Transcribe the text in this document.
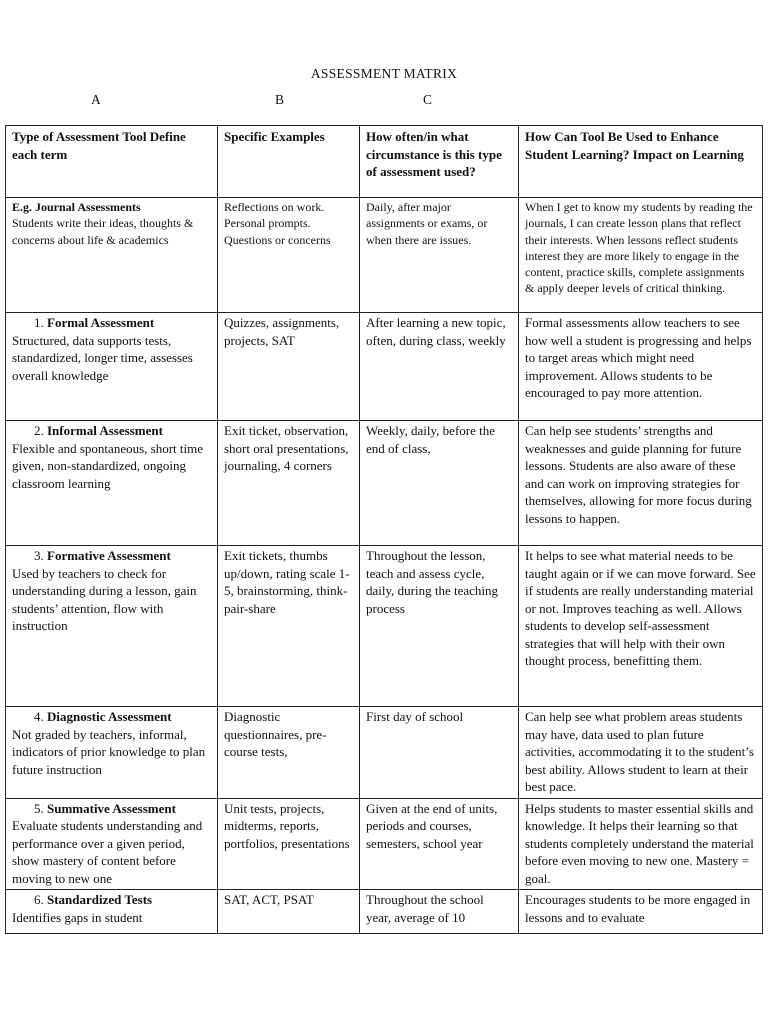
ASSESSMENT MATRIX
A	B	C
Type of Assessment Tool Define each term	Specific Examples	How often/in what circumstance is this type of assessment used?	How Can Tool Be Used to Enhance Student Learning? Impact on Learning

E.g. Journal Assessments
Students write their ideas, thoughts & concerns about life & academics	Reflections on work. Personal prompts. Questions or concerns	Daily, after major assignments or exams, or when there are issues.	When I get to know my students by reading the journals, I can create lesson plans that reflect their interests. When lessons reflect students interest they are more likely to engage in the content, practice skills, complete assignments & apply deeper levels of critical thinking.

1. Formal Assessment
Structured, data supports tests, standardized, longer time, assesses overall knowledge	Quizzes, assignments, projects, SAT	After learning a new topic, often, during class, weekly	Formal assessments allow teachers to see how well a student is progressing and helps to target areas which might need improvement. Allows students to be encouraged to pay more attention.

2. Informal Assessment
Flexible and spontaneous, short time given, non-standardized, ongoing classroom learning	Exit ticket, observation, short oral presentations, journaling, 4 corners	Weekly, daily, before the end of class,	Can help see students’ strengths and weaknesses and guide planning for future lessons. Students are also aware of these and can work on improving strategies for themselves, allowing for more focus during lessons to happen.

3. Formative Assessment
Used by teachers to check for understanding during a lesson, gain students’ attention, flow with instruction	Exit tickets, thumbs up/down, rating scale 1-5, brainstorming, think-pair-share	Throughout the lesson, teach and assess cycle, daily, during the teaching process	It helps to see what material needs to be taught again or if we can move forward. See if students are really understanding material or not. Improves teaching as well. Allows students to develop self-assessment strategies that will help with their own thought process, benefitting them.

4. Diagnostic Assessment
Not graded by teachers, informal, indicators of prior knowledge to plan future instruction	Diagnostic questionnaires, pre-course tests,	First day of school	Can help see what problem areas students may have, data used to plan future activities, accommodating it to the student’s best ability. Allows student to learn at their best pace.

5. Summative Assessment
Evaluate students understanding and performance over a given period, show mastery of content before moving to new one	Unit tests, projects, midterms, reports, portfolios, presentations	Given at the end of units, periods and courses, semesters, school year	Helps students to master essential skills and knowledge. It helps their learning so that students completely understand the material before even moving to new one. Mastery = goal.

6. Standardized Tests
Identifies gaps in student	SAT, ACT, PSAT	Throughout the school year, average of 10	Encourages students to be more engaged in lessons and to evaluate
